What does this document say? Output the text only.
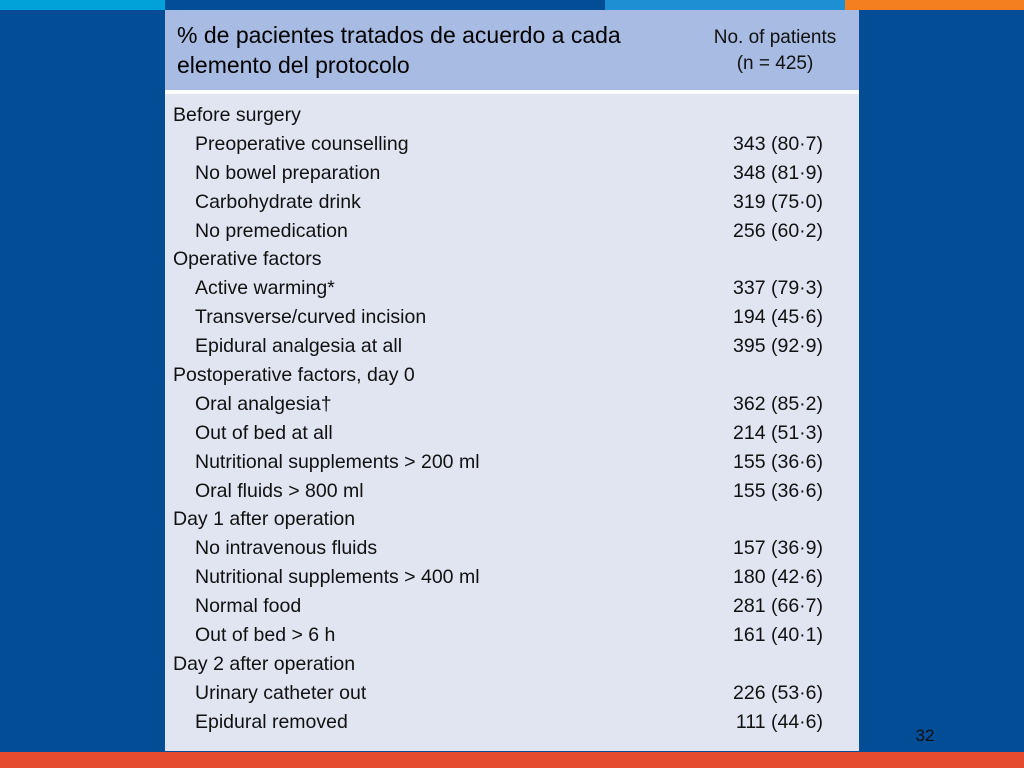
% de pacientes tratados de acuerdo a cada elemento del protocolo
No. of patients
(n = 425)
Before surgery
Preoperative counselling	343 (80·7)
No bowel preparation	348 (81·9)
Carbohydrate drink	319 (75·0)
No premedication	256 (60·2)
Operative factors
Active warming*	337 (79·3)
Transverse/curved incision	194 (45·6)
Epidural analgesia at all	395 (92·9)
Postoperative factors, day 0
Oral analgesia†	362 (85·2)
Out of bed at all	214 (51·3)
Nutritional supplements > 200 ml	155 (36·6)
Oral fluids > 800 ml	155 (36·6)
Day 1 after operation
No intravenous fluids	157 (36·9)
Nutritional supplements > 400 ml	180 (42·6)
Normal food	281 (66·7)
Out of bed > 6 h	161 (40·1)
Day 2 after operation
Urinary catheter out	226 (53·6)
Epidural removed	111 (44·6)
32
